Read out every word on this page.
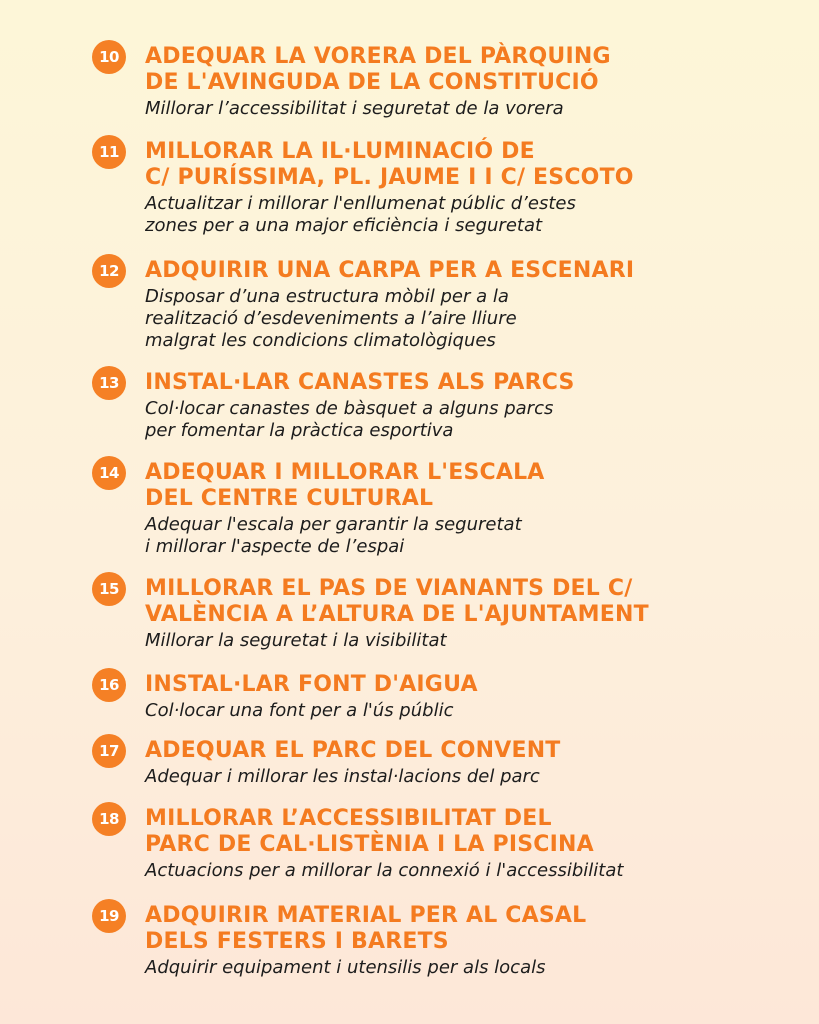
10	ADEQUAR LA VORERA DEL PÀRQUING
DE L'AVINGUDA DE LA CONSTITUCIÓ
Millorar l’accessibilitat i seguretat de la vorera
11	MILLORAR LA IL·LUMINACIÓ DE
C/ PURÍSSIMA, PL. JAUME I I C/ ESCOTO
Actualitzar i millorar l'enllumenat públic d’estes
zones per a una major eficiència i seguretat
12	ADQUIRIR UNA CARPA PER A ESCENARI
Disposar d’una estructura mòbil per a la
realització d’esdeveniments a l’aire lliure
malgrat les condicions climatològiques
13	INSTAL·LAR CANASTES ALS PARCS
Col·locar canastes de bàsquet a alguns parcs
per fomentar la pràctica esportiva
14	ADEQUAR I MILLORAR L'ESCALA
DEL CENTRE CULTURAL
Adequar l'escala per garantir la seguretat
i millorar l'aspecte de l’espai
15	MILLORAR EL PAS DE VIANANTS DEL C/
VALÈNCIA A L’ALTURA DE L'AJUNTAMENT
Millorar la seguretat i la visibilitat
16	INSTAL·LAR FONT D'AIGUA
Col·locar una font per a l'ús públic
17	ADEQUAR EL PARC DEL CONVENT
Adequar i millorar les instal·lacions del parc
18	MILLORAR L’ACCESSIBILITAT DEL
PARC DE CAL·LISTÈNIA I LA PISCINA
Actuacions per a millorar la connexió i l'accessibilitat
19	ADQUIRIR MATERIAL PER AL CASAL
DELS FESTERS I BARETS
Adquirir equipament i utensilis per als locals
